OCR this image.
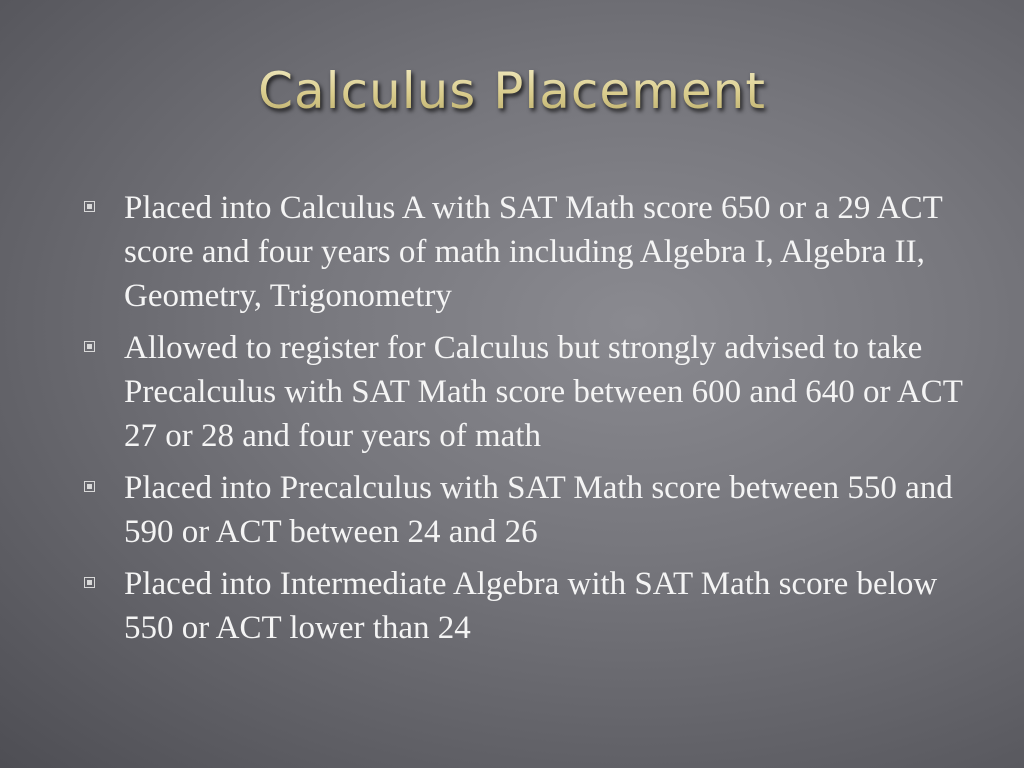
Calculus Placement
Placed into Calculus A with SAT Math score 650 or a 29 ACT score and four years of math including Algebra I, Algebra II, Geometry, Trigonometry
Allowed to register for Calculus but strongly advised to take Precalculus with SAT Math score between 600 and 640 or ACT 27 or 28 and four years of math
Placed into Precalculus with SAT Math score between 550 and 590 or ACT between 24 and 26
Placed into Intermediate Algebra with SAT Math score below 550 or ACT lower than 24
